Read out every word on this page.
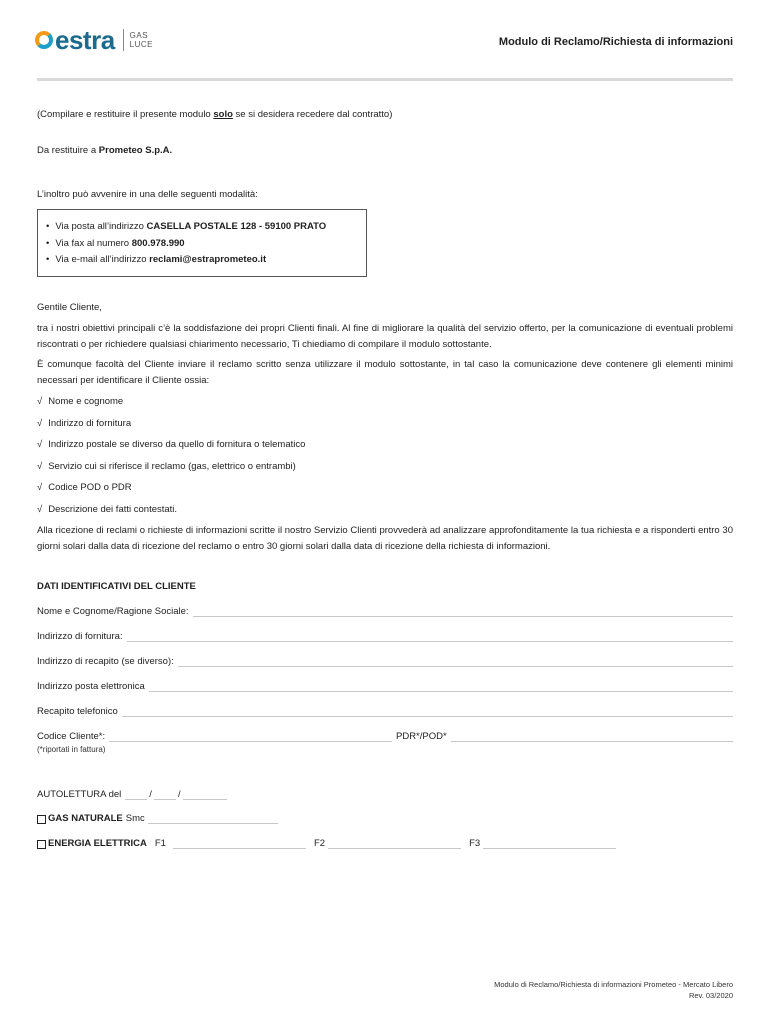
estra GAS
LUCE	Modulo di Reclamo/Richiesta di informazioni
(Compilare e restituire il presente modulo solo se si desidera recedere dal contratto)
Da restituire a Prometeo S.p.A.
L’inoltro può avvenire in una delle seguenti modalità:
• Via posta all’indirizzo CASELLA POSTALE 128 - 59100 PRATO
• Via fax al numero 800.978.990
• Via e-mail all’indirizzo reclami@estraprometeo.it
Gentile Cliente,
tra i nostri obiettivi principali c’è la soddisfazione dei propri Clienti finali. Al fine di migliorare la qualità del servizio offerto, per la comunicazione di eventuali problemi riscontrati o per richiedere qualsiasi chiarimento necessario, Ti chiediamo di compilare il modulo sottostante.
È comunque facoltà del Cliente inviare il reclamo scritto senza utilizzare il modulo sottostante, in tal caso la comunicazione deve contenere gli elementi minimi necessari per identificare il Cliente ossia:
√ Nome e cognome
√ Indirizzo di fornitura
√ Indirizzo postale se diverso da quello di fornitura o telematico
√ Servizio cui si riferisce il reclamo (gas, elettrico o entrambi)
√ Codice POD o PDR
√ Descrizione dei fatti contestati.
Alla ricezione di reclami o richieste di informazioni scritte il nostro Servizio Clienti provvederà ad analizzare approfonditamente la tua richiesta e a risponderti entro 30 giorni solari dalla data di ricezione del reclamo o entro 30 giorni solari dalla data di ricezione della richiesta di informazioni.
DATI IDENTIFICATIVI DEL CLIENTE
Nome e Cognome/Ragione Sociale:
Indirizzo di fornitura:
Indirizzo di recapito (se diverso):
Indirizzo posta elettronica
Recapito telefonico
Codice Cliente*:	PDR*/POD*
(*riportati in fattura)
AUTOLETTURA del	/	/
GAS NATURALE Smc
ENERGIA ELETTRICA F1	F2	F3
Modulo di Reclamo/Richiesta di informazioni Prometeo - Mercato Libero
Rev. 03/2020
